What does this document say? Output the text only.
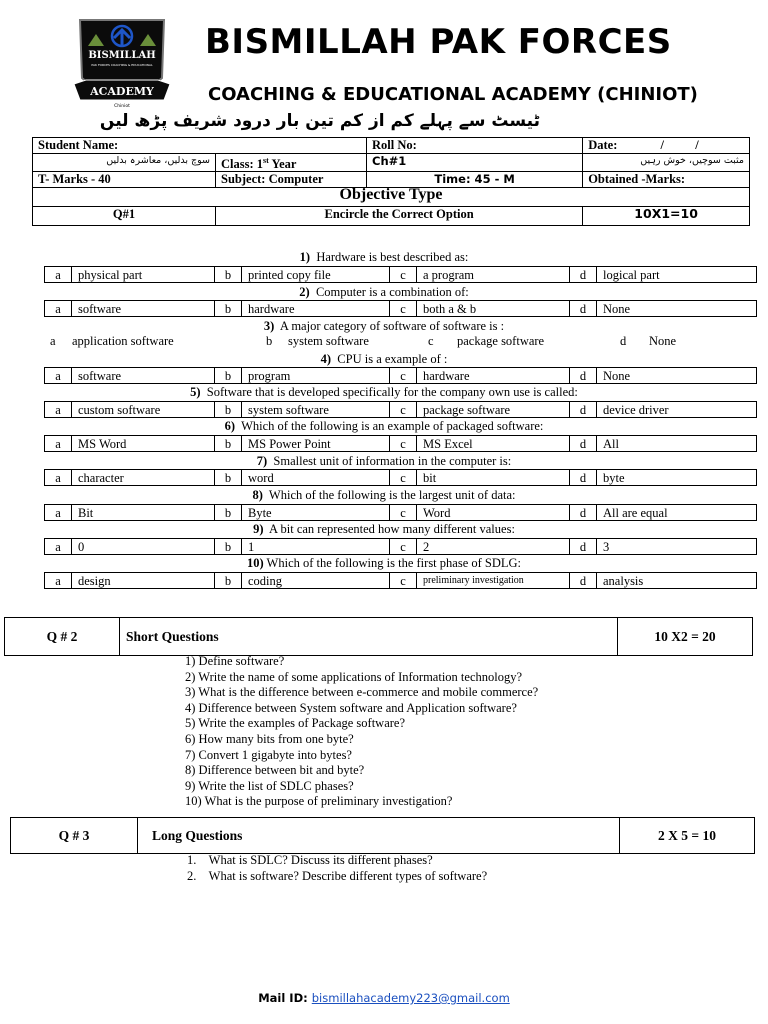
BISMILLAH
PAK FORCES COACHING & EDUCATIONAL
ACADEMY
Chiniot
BISMILLAH PAK FORCES
COACHING & EDUCATIONAL ACADEMY (CHINIOT)
ٹیسٹ سے پہلے کم از کم تین بار درود شریف پڑھ لیں
Student Name:		Roll No:	Date: /          /
سوچ بدلیں، معاشرہ بدلیں	Class: 1st Year	Ch#1	مثبت سوچیں، خوش رہیں
T- Marks - 40	Subject: Computer	Time: 45 - M	Obtained -Marks:
Objective Type			
Q#1	Encircle the Correct Option		10X1=10
1) Hardware is best described as:
a	physical part	b	printed copy file	c	a program	d	logical part
2) Computer is a combination of:
a	software	b	hardware	c	both a & b	d	None
3) A major category of software of software is :
a application software	b system software	c package software	d None
4) CPU is a example of :
a	software	b	program	c	hardware	d	None
5) Software that is developed specifically for the company own use is called:
a	custom software	b	system software	c	package software	d	device driver
6) Which of the following is an example of packaged software:
a	MS Word	b	MS Power Point	c	MS Excel	d	All
7) Smallest unit of information in the computer is:
a	character	b	word	c	bit	d	byte
8) Which of the following is the largest unit of data:
a	Bit	b	Byte	c	Word	d	All are equal
9) A bit can represented how many different values:
a	0	b	1	c	2	d	3
10) Which of the following is the first phase of SDLG:
a	design	b	coding	c	preliminary investigation	d	analysis
Q # 2	Short Questions	10 X2 = 20
1) Define software?
2) Write the name of some applications of Information technology?
3) What is the difference between e-commerce and mobile commerce?
4) Difference between System software and Application software?
5) Write the examples of Package software?
6) How many bits from one byte?
7) Convert 1 gigabyte into bytes?
8) Difference between bit and byte?
9) Write the list of SDLC phases?
10) What is the purpose of preliminary investigation?
Q # 3	Long Questions	2 X 5 = 10
1.    What is SDLC? Discuss its different phases?
2.    What is software? Describe different types of software?
Mail ID: bismillahacademy223@gmail.com
